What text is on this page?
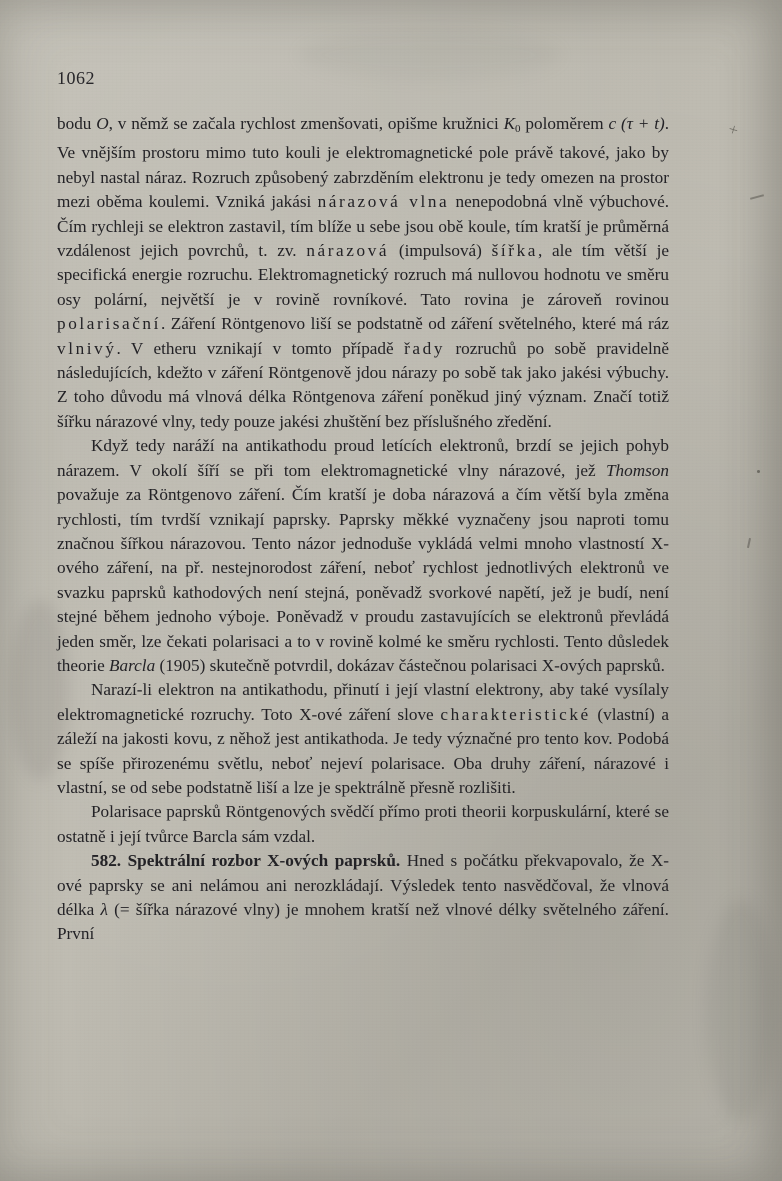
1062
×

bodu O, v němž se začala rychlost zmenšovati, opišme kružnici $K_0$ poloměrem c (τ + t). Ve vnějším prostoru mimo tuto kouli je elektromagnetické pole právě takové, jako by nebyl nastal náraz. Rozruch způsobený zabrzděním elektronu je tedy omezen na prostor mezi oběma koulemi. Vzniká jakási nárazová vlna nenepodobná vlně výbuchové. Čím rychleji se elektron zastavil, tím blíže u sebe jsou obě koule, tím kratší je průměrná vzdálenost jejich povrchů, t. zv. nárazová (impulsová) šířka, ale tím větší je specifická energie rozruchu. Elektromagnetický rozruch má nullovou hodnotu ve směru osy polární, největší je v rovině rovníkové. Tato rovina je zároveň rovinou polarisační. Záření Röntgenovo liší se podstatně od záření světelného, které má ráz vlnivý. V etheru vznikají v tomto případě řady rozruchů po sobě pravidelně následujících, kdežto v záření Röntgenově jdou nárazy po sobě tak jako jakési výbuchy. Z toho důvodu má vlnová délka Röntgenova záření poněkud jiný význam. Značí totiž šířku nárazové vlny, tedy pouze jakési zhuštění bez příslušného zředění.

Když tedy naráží na antikathodu proud letících elektronů, brzdí se jejich pohyb nárazem. V okolí šíří se při tom elektromagnetické vlny nárazové, jež Thomson považuje za Röntgenovo záření. Čím kratší je doba nárazová a čím větší byla změna rychlosti, tím tvrdší vznikají paprsky. Paprsky měkké vyznačeny jsou naproti tomu značnou šířkou nárazovou. Tento názor jednoduše vykládá velmi mnoho vlastností X-ového záření, na př. nestejnorodost záření, neboť rychlost jednotlivých elektronů ve svazku paprsků kathodových není stejná, poněvadž svorkové napětí, jež je budí, není stejné během jednoho výboje. Poněvadž v proudu zastavujících se elektronů převládá jeden směr, lze čekati polarisaci a to v rovině kolmé ke směru rychlosti. Tento důsledek theorie Barcla (1905) skutečně potvrdil, dokázav částečnou polarisaci X-ových paprsků.

Narazí-li elektron na antikathodu, přinutí i její vlastní elektrony, aby také vysílaly elektromagnetické rozruchy. Toto X-ové záření slove charakteristické (vlastní) a záleží na jakosti kovu, z něhož jest antikathoda. Je tedy význačné pro tento kov. Podobá se spíše přirozenému světlu, neboť nejeví polarisace. Oba druhy záření, nárazové i vlastní, se od sebe podstatně liší a lze je spektrálně přesně rozlišiti.

Polarisace paprsků Röntgenových svědčí přímo proti theorii korpuskulární, které se ostatně i její tvůrce Barcla sám vzdal.

582. Spektrální rozbor X-ových paprsků. Hned s počátku překvapovalo, že X-ové paprsky se ani nelámou ani nerozkládají. Výsledek tento nasvědčoval, že vlnová délka λ (= šířka nárazové vlny) je mnohem kratší než vlnové délky světelného záření. První
